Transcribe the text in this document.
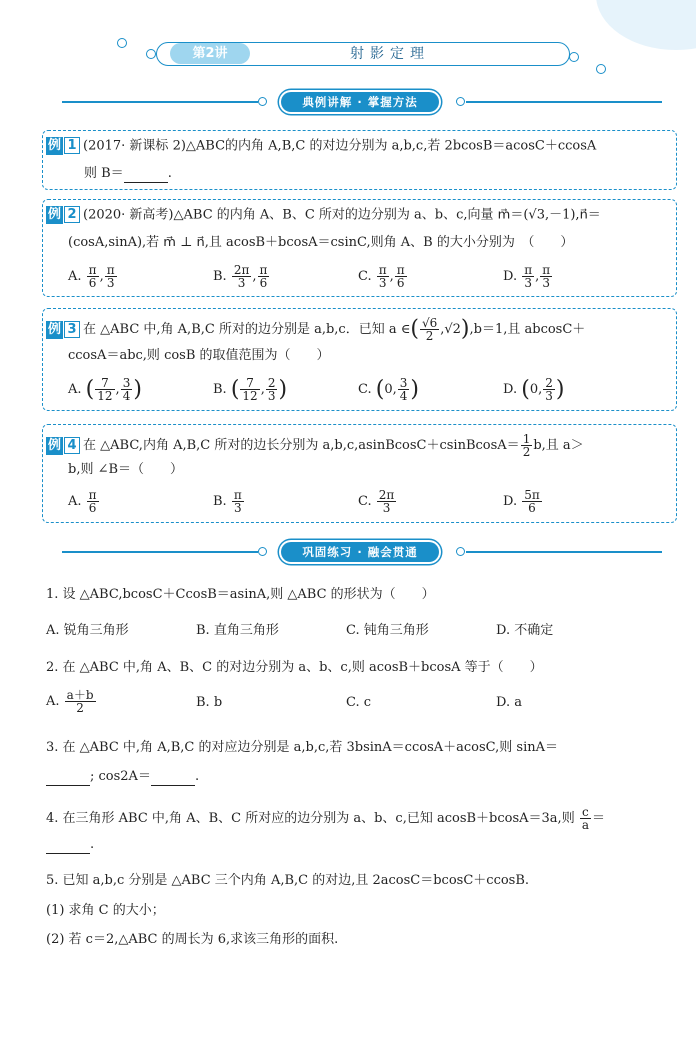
第2讲	射影定理
典例讲解 · 掌握方法
例 1 (2017· 新课标 2)△ABC的内角 A,B,C 的对边分别为 a,b,c,若 2bcosB＝acosC＋ccosA
则 B＝	.
例 2 (2020· 新高考)△ABC 的内角 A、B、C 所对的边分别为 a、b、c,向量 m⃗＝(√3,－1),n⃗＝
(cosA,sinA),若 m⃗ ⊥ n⃗,且 acosB＋bcosA＝csinC,则角 A、B 的大小分别为　（　　）
A. $\frac{\pi}{6}$ , $\frac{\pi}{3}$	B. $\frac{2\pi}{3}$ , $\frac{\pi}{6}$	C. $\frac{\pi}{3}$ , $\frac{\pi}{6}$	D. $\frac{\pi}{3}$ , $\frac{\pi}{3}$
例 3 在 △ABC 中,角 A,B,C 所对的边分别是 a,b,c．已知 a ∈( $\frac{√6}{2} ,√2),b=1$,且 abcosC＋
ccosA＝abc,则 cosB 的取值范围为（　　）
A. ( $\frac{7}{12}$ , $\frac{3}{4}$ )	B. ( $\frac{7}{12}$ , $\frac{2}{3}$ )	C. (0, $\frac{3}{4}$ )	D. (0, $\frac{2}{3}$ )
例 4 在 △ABC,内角 A,B,C 所对的边长分别为 a,b,c,asinBcosC＋csinBcosA＝ $\frac{1}{2} b$,且 a＞
b,则 ∠B＝（　　）
A. $\frac{\pi}{6}$	B. $\frac{\pi}{3}$	C. $\frac{2\pi}{3}$	D. $\frac{5\pi}{6}$
巩固练习 · 融会贯通
1. 设 △ABC,bcosC＋CcosB＝asinA,则 △ABC 的形状为（　　）
A. 锐角三角形	B. 直角三角形	C. 钝角三角形	D. 不确定
2. 在 △ABC 中,角 A、B、C 的对边分别为 a、b、c,则 acosB＋bcosA 等于（　　）
A. $\frac{a+b}{2}$	B. b	C. c	D. a
3. 在 △ABC 中,角 A,B,C 的对应边分别是 a,b,c,若 3bsinA＝ccosA＋acosC,则 sinA＝
; cos2A＝	.
4. 在三角形 ABC 中,角 A、B、C 所对应的边分别为 a、b、c,已知 acosB＋bcosA＝3a,则 $\frac{c}{a}$ ＝
.
5. 已知 a,b,c 分别是 △ABC 三个内角 A,B,C 的对边,且 2acosC＝bcosC＋ccosB.
(1) 求角 C 的大小；
(2) 若 c＝2,△ABC 的周长为 6,求该三角形的面积.
